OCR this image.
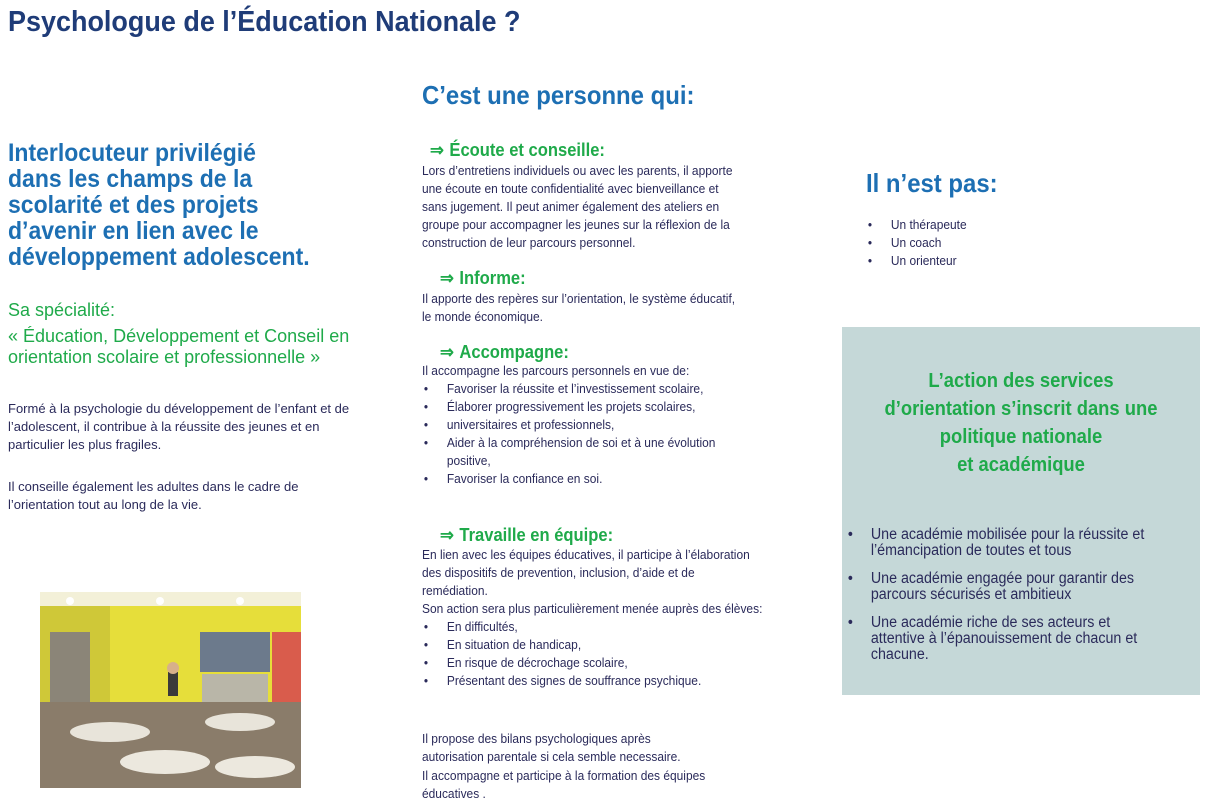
Psychologue de l’Éducation Nationale ?
Interlocuteur privilégié dans les champs de la scolarité et des projets d’avenir en lien avec le développement adolescent.
Sa spécialité:
« Éducation, Développement et Conseil en orientation scolaire et professionnelle »
Formé à la psychologie du développement de l’enfant et de l’adolescent, il contribue à la réussite des jeunes et en particulier les plus fragiles.
Il conseille également les adultes dans le cadre de l’orientation tout au long de la vie.
C’est une personne qui:
⇒ Écoute et conseille:
Lors d’entretiens individuels ou avec les parents, il apporte une écoute en toute confidentialité avec bienveillance et sans jugement. Il peut animer également des ateliers en groupe pour accompagner les jeunes sur la réflexion de la construction de leur parcours personnel.
⇒ Informe:
Il apporte des repères sur l’orientation, le système éducatif, le monde économique.
⇒ Accompagne:
Il accompagne les parcours personnels en vue de:
• Favoriser la réussite et l’investissement scolaire,
• Élaborer progressivement les projets scolaires,
• universitaires et professionnels,
• Aider à la compréhension de soi et à une évolution positive,
• Favoriser la confiance en soi.
⇒ Travaille en équipe:
En lien avec les équipes éducatives, il participe à l’élaboration des dispositifs de prevention, inclusion, d’aide et de remédiation.
Son action sera plus particulièrement menée auprès des élèves:
• En difficultés,
• En situation de handicap,
• En risque de décrochage scolaire,
• Présentant des signes de souffrance psychique.
Il propose des bilans psychologiques après autorisation parentale si cela semble necessaire.
Il accompagne et participe à la formation des équipes éducatives .
Il n’est pas:
• Un thérapeute
• Un coach
• Un orienteur
L’action des services
d’orientation s’inscrit dans une
politique nationale
et académique
• Une académie mobilisée pour la réussite et l’émancipation de toutes et tous
• Une académie engagée pour garantir des parcours sécurisés et ambitieux
• Une académie riche de ses acteurs et attentive à l’épanouissement de chacun et chacune.
